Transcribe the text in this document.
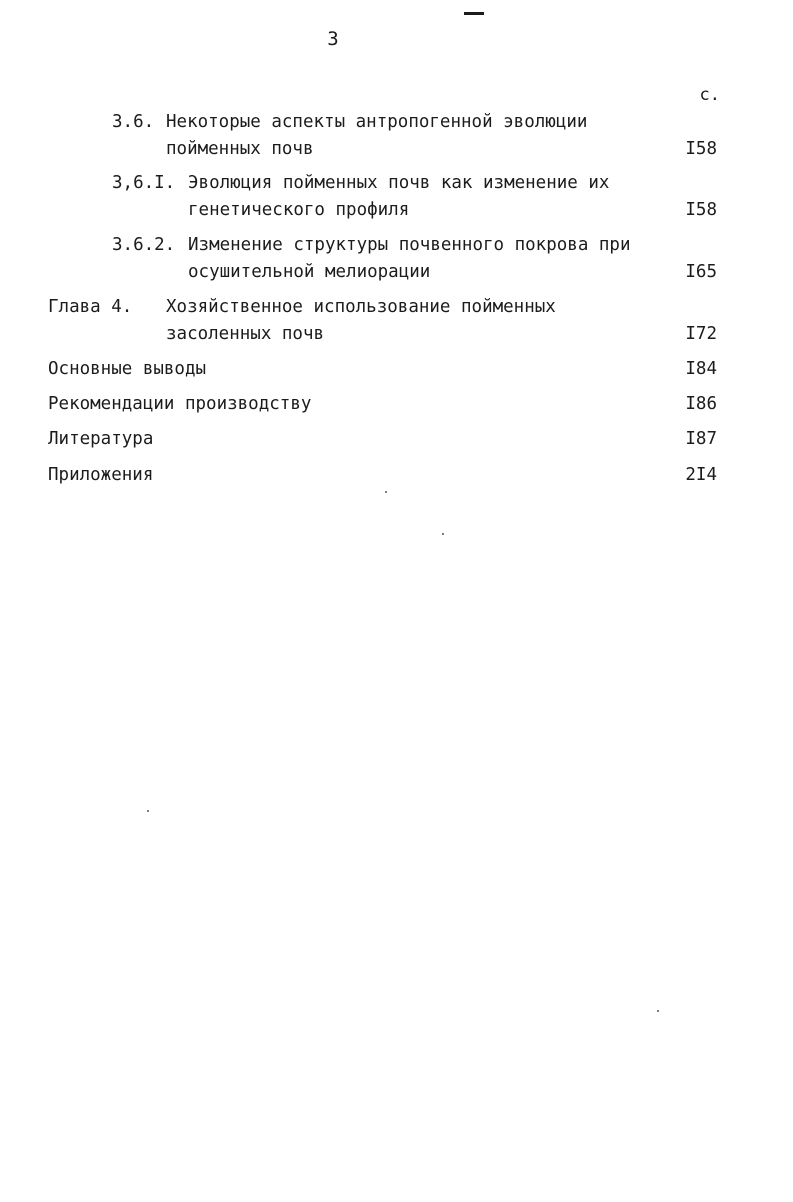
3
с.
3.6. Некоторые аспекты антропогенной эволюции
пойменных почв	I58
3,6.I. Эволюция пойменных почв как изменение их
генетического профиля	I58
3.6.2. Изменение структуры почвенного покрова при
осушительной мелиорации	I65
Глава 4. Хозяйственное использование пойменных
засоленных почв	I72
Основные выводы	I84
Рекомендации производству	I86
Литература	I87
Приложения	2I4
